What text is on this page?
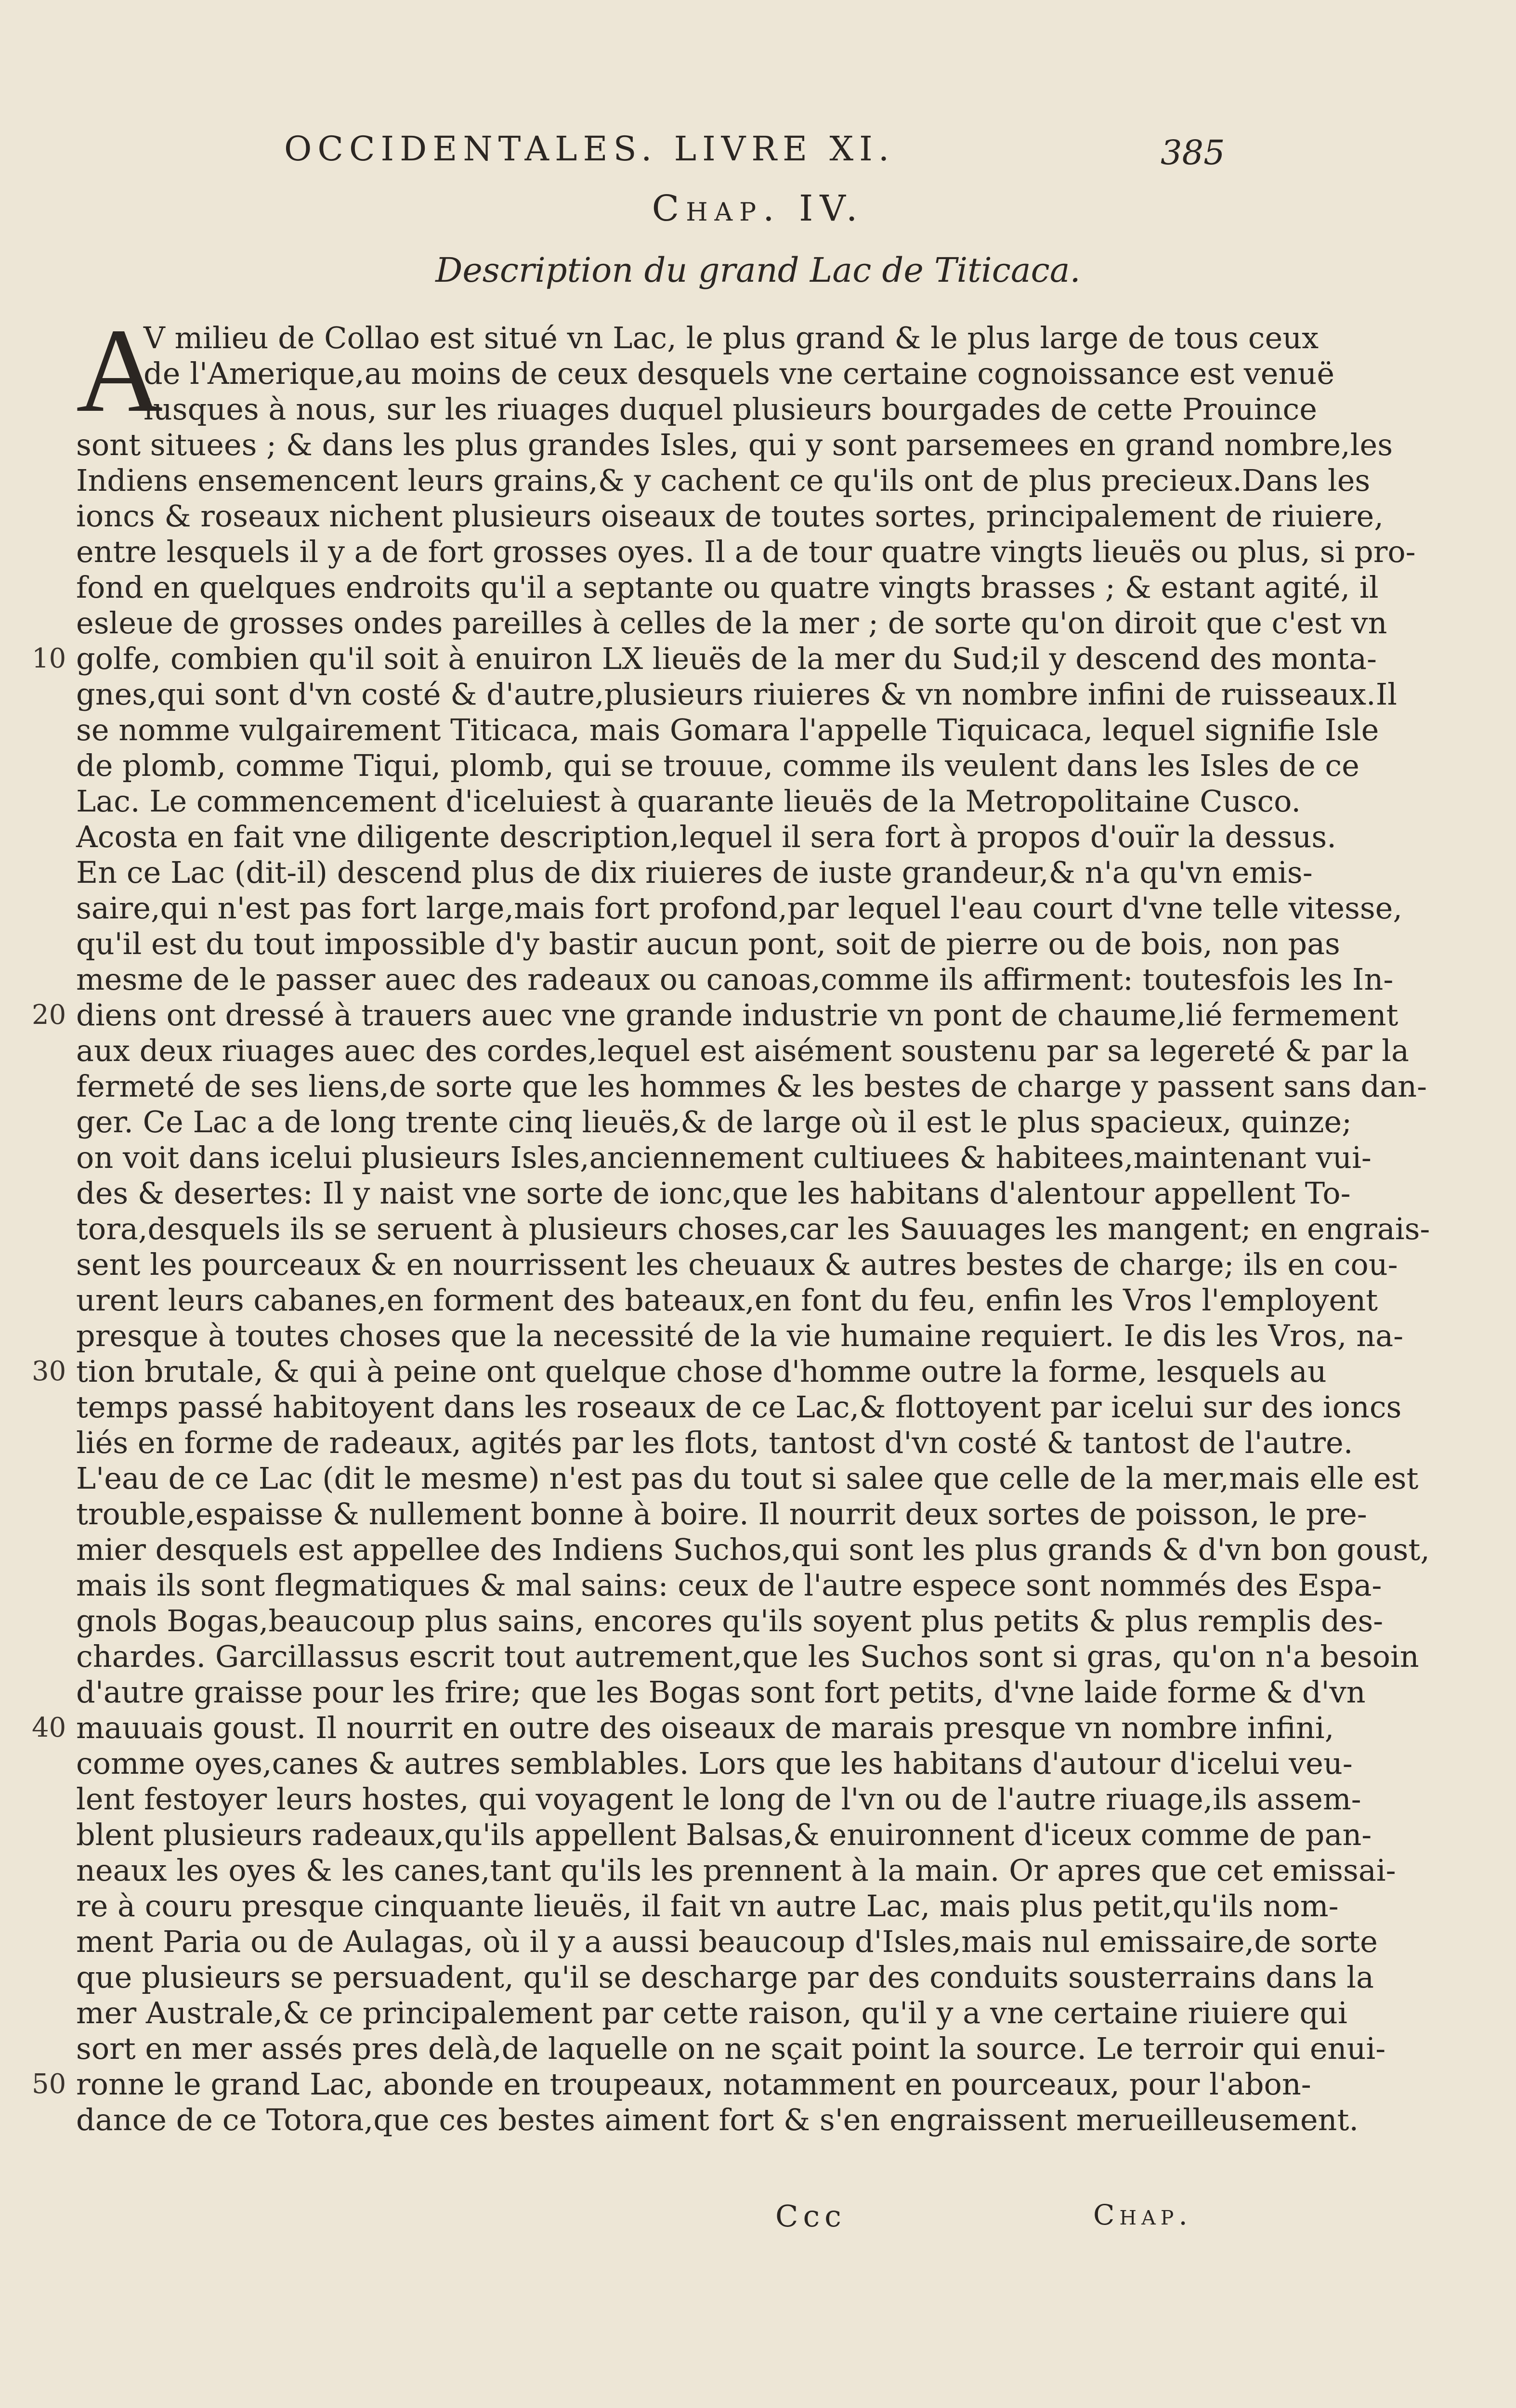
OCCIDENTALES. LIVRE XI.	385
Chap. IV.
Description du grand Lac de Titicaca.
A
V milieu de Collao est situé vn Lac, le plus grand & le plus large de tous ceux
de l'Amerique,au moins de ceux desquels vne certaine cognoissance est venuë
iusques à nous, sur les riuages duquel plusieurs bourgades de cette Prouince
sont situees ; & dans les plus grandes Isles, qui y sont parsemees en grand nombre,les
Indiens ensemencent leurs grains,& y cachent ce qu'ils ont de plus precieux.Dans les
ioncs & roseaux nichent plusieurs oiseaux de toutes sortes, principalement de riuiere,
entre lesquels il y a de fort grosses oyes. Il a de tour quatre vingts lieuës ou plus, si pro-
fond en quelques endroits qu'il a septante ou quatre vingts brasses ; & estant agité, il
esleue de grosses ondes pareilles à celles de la mer ; de sorte qu'on diroit que c'est vn
golfe, combien qu'il soit à enuiron LX lieuës de la mer du Sud;il y descend des monta-
gnes,qui sont d'vn costé & d'autre,plusieurs riuieres & vn nombre infini de ruisseaux.Il
se nomme vulgairement Titicaca, mais Gomara l'appelle Tiquicaca, lequel signifie Isle
de plomb, comme Tiqui, plomb, qui se trouue, comme ils veulent dans les Isles de ce
Lac. Le commencement d'iceluiest à quarante lieuës de la Metropolitaine Cusco.
Acosta en fait vne diligente description,lequel il sera fort à propos d'ouïr la dessus.
En ce Lac (dit-il) descend plus de dix riuieres de iuste grandeur,& n'a qu'vn emis-
saire,qui n'est pas fort large,mais fort profond,par lequel l'eau court d'vne telle vitesse,
qu'il est du tout impossible d'y bastir aucun pont, soit de pierre ou de bois, non pas
mesme de le passer auec des radeaux ou canoas,comme ils affirment: toutesfois les In-
diens ont dressé à trauers auec vne grande industrie vn pont de chaume,lié fermement
aux deux riuages auec des cordes,lequel est aisément soustenu par sa legereté & par la
fermeté de ses liens,de sorte que les hommes & les bestes de charge y passent sans dan-
ger. Ce Lac a de long trente cinq lieuës,& de large où il est le plus spacieux, quinze;
on voit dans icelui plusieurs Isles,anciennement cultiuees & habitees,maintenant vui-
des & desertes: Il y naist vne sorte de ionc,que les habitans d'alentour appellent To-
tora,desquels ils se seruent à plusieurs choses,car les Sauuages les mangent; en engrais-
sent les pourceaux & en nourrissent les cheuaux & autres bestes de charge; ils en cou-
urent leurs cabanes,en forment des bateaux,en font du feu, enfin les Vros l'employent
presque à toutes choses que la necessité de la vie humaine requiert. Ie dis les Vros, na-
tion brutale, & qui à peine ont quelque chose d'homme outre la forme, lesquels au
temps passé habitoyent dans les roseaux de ce Lac,& flottoyent par icelui sur des ioncs
liés en forme de radeaux, agités par les flots, tantost d'vn costé & tantost de l'autre.
L'eau de ce Lac (dit le mesme) n'est pas du tout si salee que celle de la mer,mais elle est
trouble,espaisse & nullement bonne à boire. Il nourrit deux sortes de poisson, le pre-
mier desquels est appellee des Indiens Suchos,qui sont les plus grands & d'vn bon goust,
mais ils sont flegmatiques & mal sains: ceux de l'autre espece sont nommés des Espa-
gnols Bogas,beaucoup plus sains, encores qu'ils soyent plus petits & plus remplis des-
chardes. Garcillassus escrit tout autrement,que les Suchos sont si gras, qu'on n'a besoin
d'autre graisse pour les frire; que les Bogas sont fort petits, d'vne laide forme & d'vn
mauuais goust. Il nourrit en outre des oiseaux de marais presque vn nombre infini,
comme oyes,canes & autres semblables. Lors que les habitans d'autour d'icelui veu-
lent festoyer leurs hostes, qui voyagent le long de l'vn ou de l'autre riuage,ils assem-
blent plusieurs radeaux,qu'ils appellent Balsas,& enuironnent d'iceux comme de pan-
neaux les oyes & les canes,tant qu'ils les prennent à la main. Or apres que cet emissai-
re à couru presque cinquante lieuës, il fait vn autre Lac, mais plus petit,qu'ils nom-
ment Paria ou de Aulagas, où il y a aussi beaucoup d'Isles,mais nul emissaire,de sorte
que plusieurs se persuadent, qu'il se descharge par des conduits sousterrains dans la
mer Australe,& ce principalement par cette raison, qu'il y a vne certaine riuiere qui
sort en mer assés pres delà,de laquelle on ne sçait point la source. Le terroir qui enui-
ronne le grand Lac, abonde en troupeaux, notamment en pourceaux, pour l'abon-
dance de ce Totora,que ces bestes aiment fort & s'en engraissent merueilleusement.
10
20
30
40
50
Ccc	Chap.
